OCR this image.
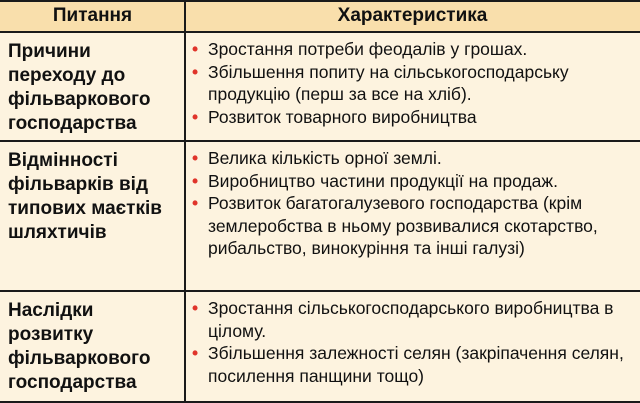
Питання	Характеристика
Причини переходу до фільваркового господарства
• Зростання потреби феодалів у грошах.
• Збільшення попиту на сільськогосподарську продукцію (перш за все на хліб).
• Розвиток товарного виробництва
Відмінності фільварків від типових маєтків шляхтичів
• Велика кількість орної землі.
• Виробництво частини продукції на продаж.
• Розвиток багатогалузевого господарства (крім землеробства в ньому розвивалися скотарство, рибальство, винокуріння та інші галузі)
Наслідки розвитку фільваркового господарства
• Зростання сільськогосподарського виробництва в цілому.
• Збільшення залежності селян (закріпачення селян, посилення панщини тощо)
